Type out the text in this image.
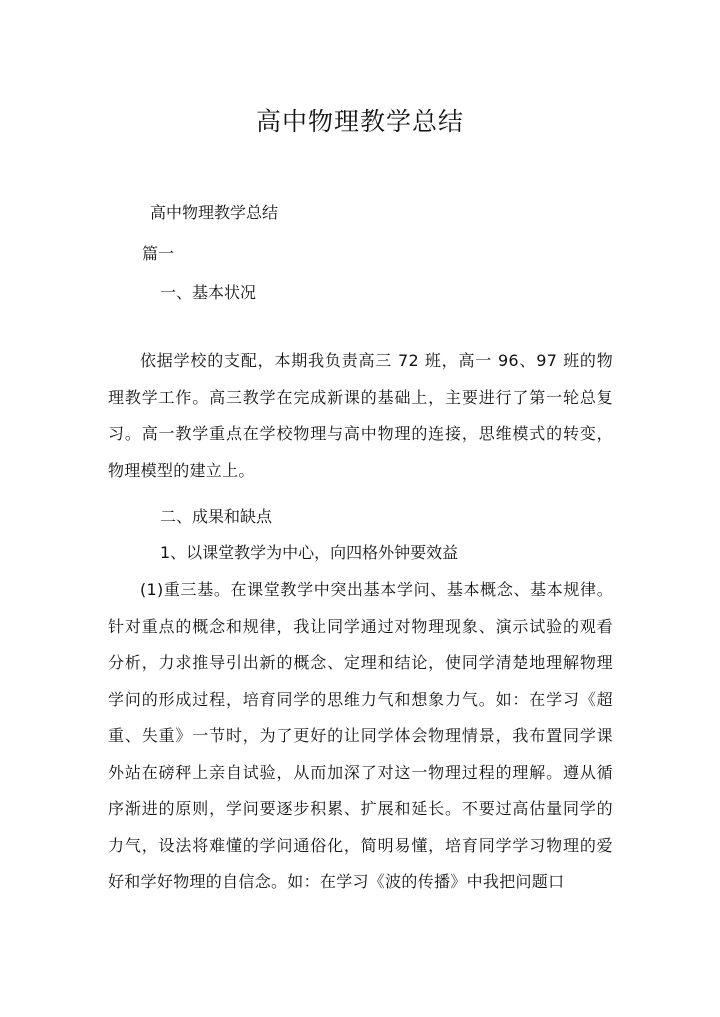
高中物理教学总结
高中物理教学总结
篇一
一、基本状况
依据学校的支配，本期我负责高三 72 班，高一 96、97 班的物理教学工作。高三教学在完成新课的基础上，主要进行了第一轮总复习。高一教学重点在学校物理与高中物理的连接，思维模式的转变，物理模型的建立上。
二、成果和缺点
1、以课堂教学为中心，向四格外钟要效益
(1)重三基。在课堂教学中突出基本学问、基本概念、基本规律。针对重点的概念和规律，我让同学通过对物理现象、演示试验的观看分析，力求推导引出新的概念、定理和结论，使同学清楚地理解物理学问的形成过程，培育同学的思维力气和想象力气。如：在学习《超重、失重》一节时，为了更好的让同学体会物理情景，我布置同学课外站在磅秤上亲自试验，从而加深了对这一物理过程的理解。遵从循序渐进的原则，学问要逐步积累、扩展和延长。不要过高估量同学的力气，设法将难懂的学问通俗化，简明易懂，培育同学学习物理的爱好和学好物理的自信念。如：在学习《波的传播》中我把问题口
